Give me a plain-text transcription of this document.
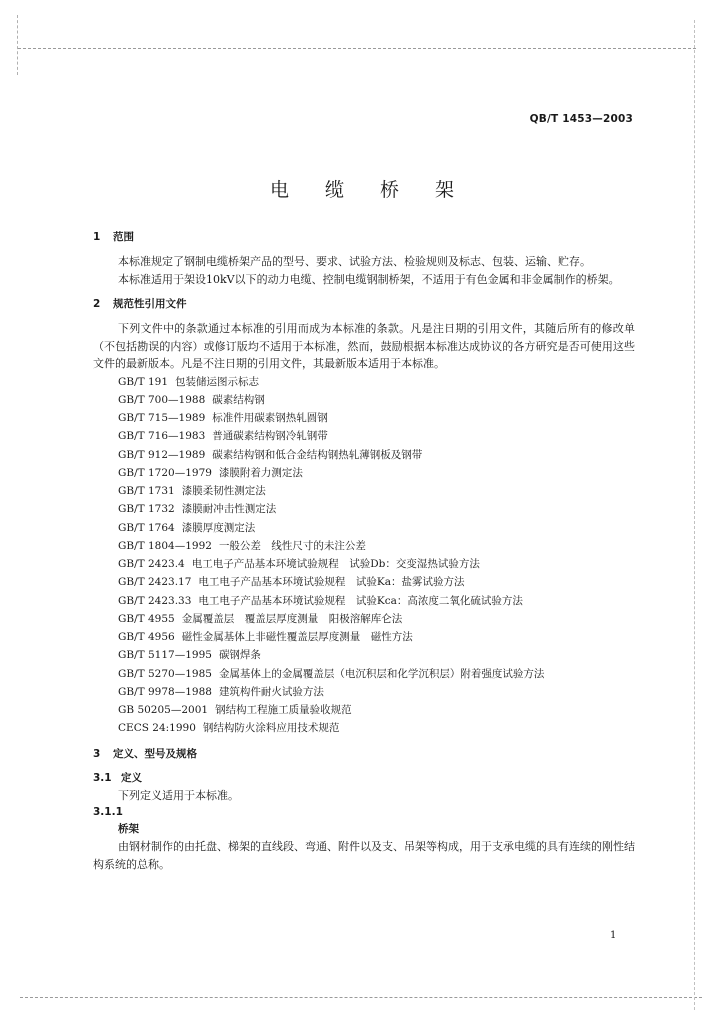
QB/T 1453—2003
电 缆 桥 架
1 范围

本标准规定了钢制电缆桥架产品的型号、要求、试验方法、检验规则及标志、包装、运输、贮存。

本标准适用于架设10kV以下的动力电缆、控制电缆钢制桥架，不适用于有色金属和非金属制作的桥架。

2 规范性引用文件

下列文件中的条款通过本标准的引用而成为本标准的条款。凡是注日期的引用文件，其随后所有的修改单（不包括勘误的内容）或修订版均不适用于本标准，然而，鼓励根据本标准达成协议的各方研究是否可使用这些文件的最新版本。凡是不注日期的引用文件，其最新版本适用于本标准。

GB/T 191 包装储运图示标志
GB/T 700—1988 碳素结构钢
GB/T 715—1989 标准件用碳素钢热轧圆钢
GB/T 716—1983 普通碳素结构钢冷轧钢带
GB/T 912—1989 碳素结构钢和低合金结构钢热轧薄钢板及钢带
GB/T 1720—1979 漆膜附着力测定法
GB/T 1731 漆膜柔韧性测定法
GB/T 1732 漆膜耐冲击性测定法
GB/T 1764 漆膜厚度测定法
GB/T 1804—1992 一般公差　线性尺寸的未注公差
GB/T 2423.4 电工电子产品基本环境试验规程　试验Db：交变湿热试验方法
GB/T 2423.17 电工电子产品基本环境试验规程　试验Ka：盐雾试验方法
GB/T 2423.33 电工电子产品基本环境试验规程　试验Kca：高浓度二氧化硫试验方法
GB/T 4955 金属覆盖层　覆盖层厚度测量　阳极溶解库仑法
GB/T 4956 磁性金属基体上非磁性覆盖层厚度测量　磁性方法
GB/T 5117—1995 碳钢焊条
GB/T 5270—1985 金属基体上的金属覆盖层（电沉积层和化学沉积层）附着强度试验方法
GB/T 9978—1988 建筑构件耐火试验方法
GB 50205—2001 钢结构工程施工质量验收规范
CECS 24:1990 钢结构防火涂料应用技术规范
3 定义、型号及规格
3.1 定义

下列定义适用于本标准。

3.1.1
桥架

由钢材制作的由托盘、梯架的直线段、弯通、附件以及支、吊架等构成，用于支承电缆的具有连续的刚性结构系统的总称。

1
